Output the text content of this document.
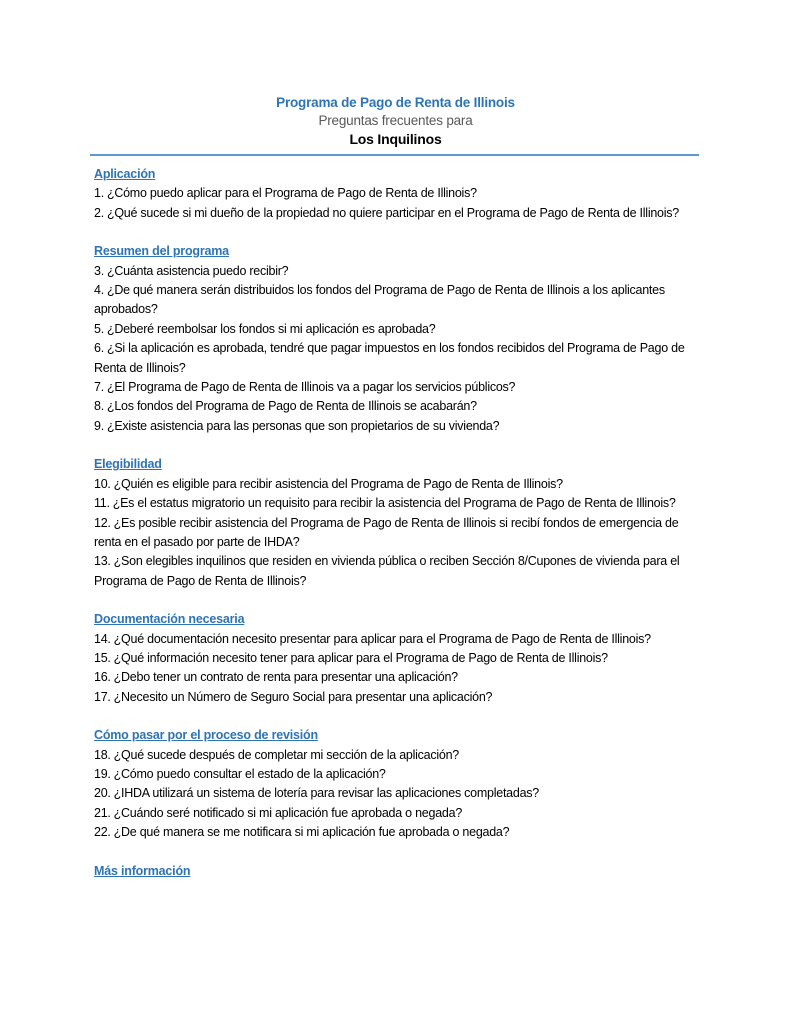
Programa de Pago de Renta de Illinois
Preguntas frecuentes para
Los Inquilinos
Aplicación
1. ¿Cómo puedo aplicar para el Programa de Pago de Renta de Illinois?
2. ¿Qué sucede si mi dueño de la propiedad no quiere participar en el Programa de Pago de Renta de Illinois?
Resumen del programa
3. ¿Cuánta asistencia puedo recibir?
4. ¿De qué manera serán distribuidos los fondos del Programa de Pago de Renta de Illinois a los aplicantes aprobados?
5. ¿Deberé reembolsar los fondos si mi aplicación es aprobada?
6. ¿Si la aplicación es aprobada, tendré que pagar impuestos en los fondos recibidos del Programa de Pago de Renta de Illinois?
7. ¿El Programa de Pago de Renta de Illinois va a pagar los servicios públicos?
8. ¿Los fondos del Programa de Pago de Renta de Illinois se acabarán?
9. ¿Existe asistencia para las personas que son propietarios de su vivienda?
Elegibilidad
10. ¿Quién es eligible para recibir asistencia del Programa de Pago de Renta de Illinois?
11. ¿Es el estatus migratorio un requisito para recibir la asistencia del Programa de Pago de Renta de Illinois?
12. ¿Es posible recibir asistencia del Programa de Pago de Renta de Illinois si recibí fondos de emergencia de renta en el pasado por parte de IHDA?
13. ¿Son elegibles inquilinos que residen en vivienda pública o reciben Sección 8/Cupones de vivienda para el Programa de Pago de Renta de Illinois?
Documentación necesaria
14. ¿Qué documentación necesito presentar para aplicar para el Programa de Pago de Renta de Illinois?
15. ¿Qué información necesito tener para aplicar para el Programa de Pago de Renta de Illinois?
16. ¿Debo tener un contrato de renta para presentar una aplicación?
17. ¿Necesito un Número de Seguro Social para presentar una aplicación?
Cómo pasar por el proceso de revisión
18. ¿Qué sucede después de completar mi sección de la aplicación?
19. ¿Cómo puedo consultar el estado de la aplicación?
20. ¿IHDA utilizará un sistema de lotería para revisar las aplicaciones completadas?
21. ¿Cuándo seré notificado si mi aplicación fue aprobada o negada?
22. ¿De qué manera se me notificara si mi aplicación fue aprobada o negada?
Más información
